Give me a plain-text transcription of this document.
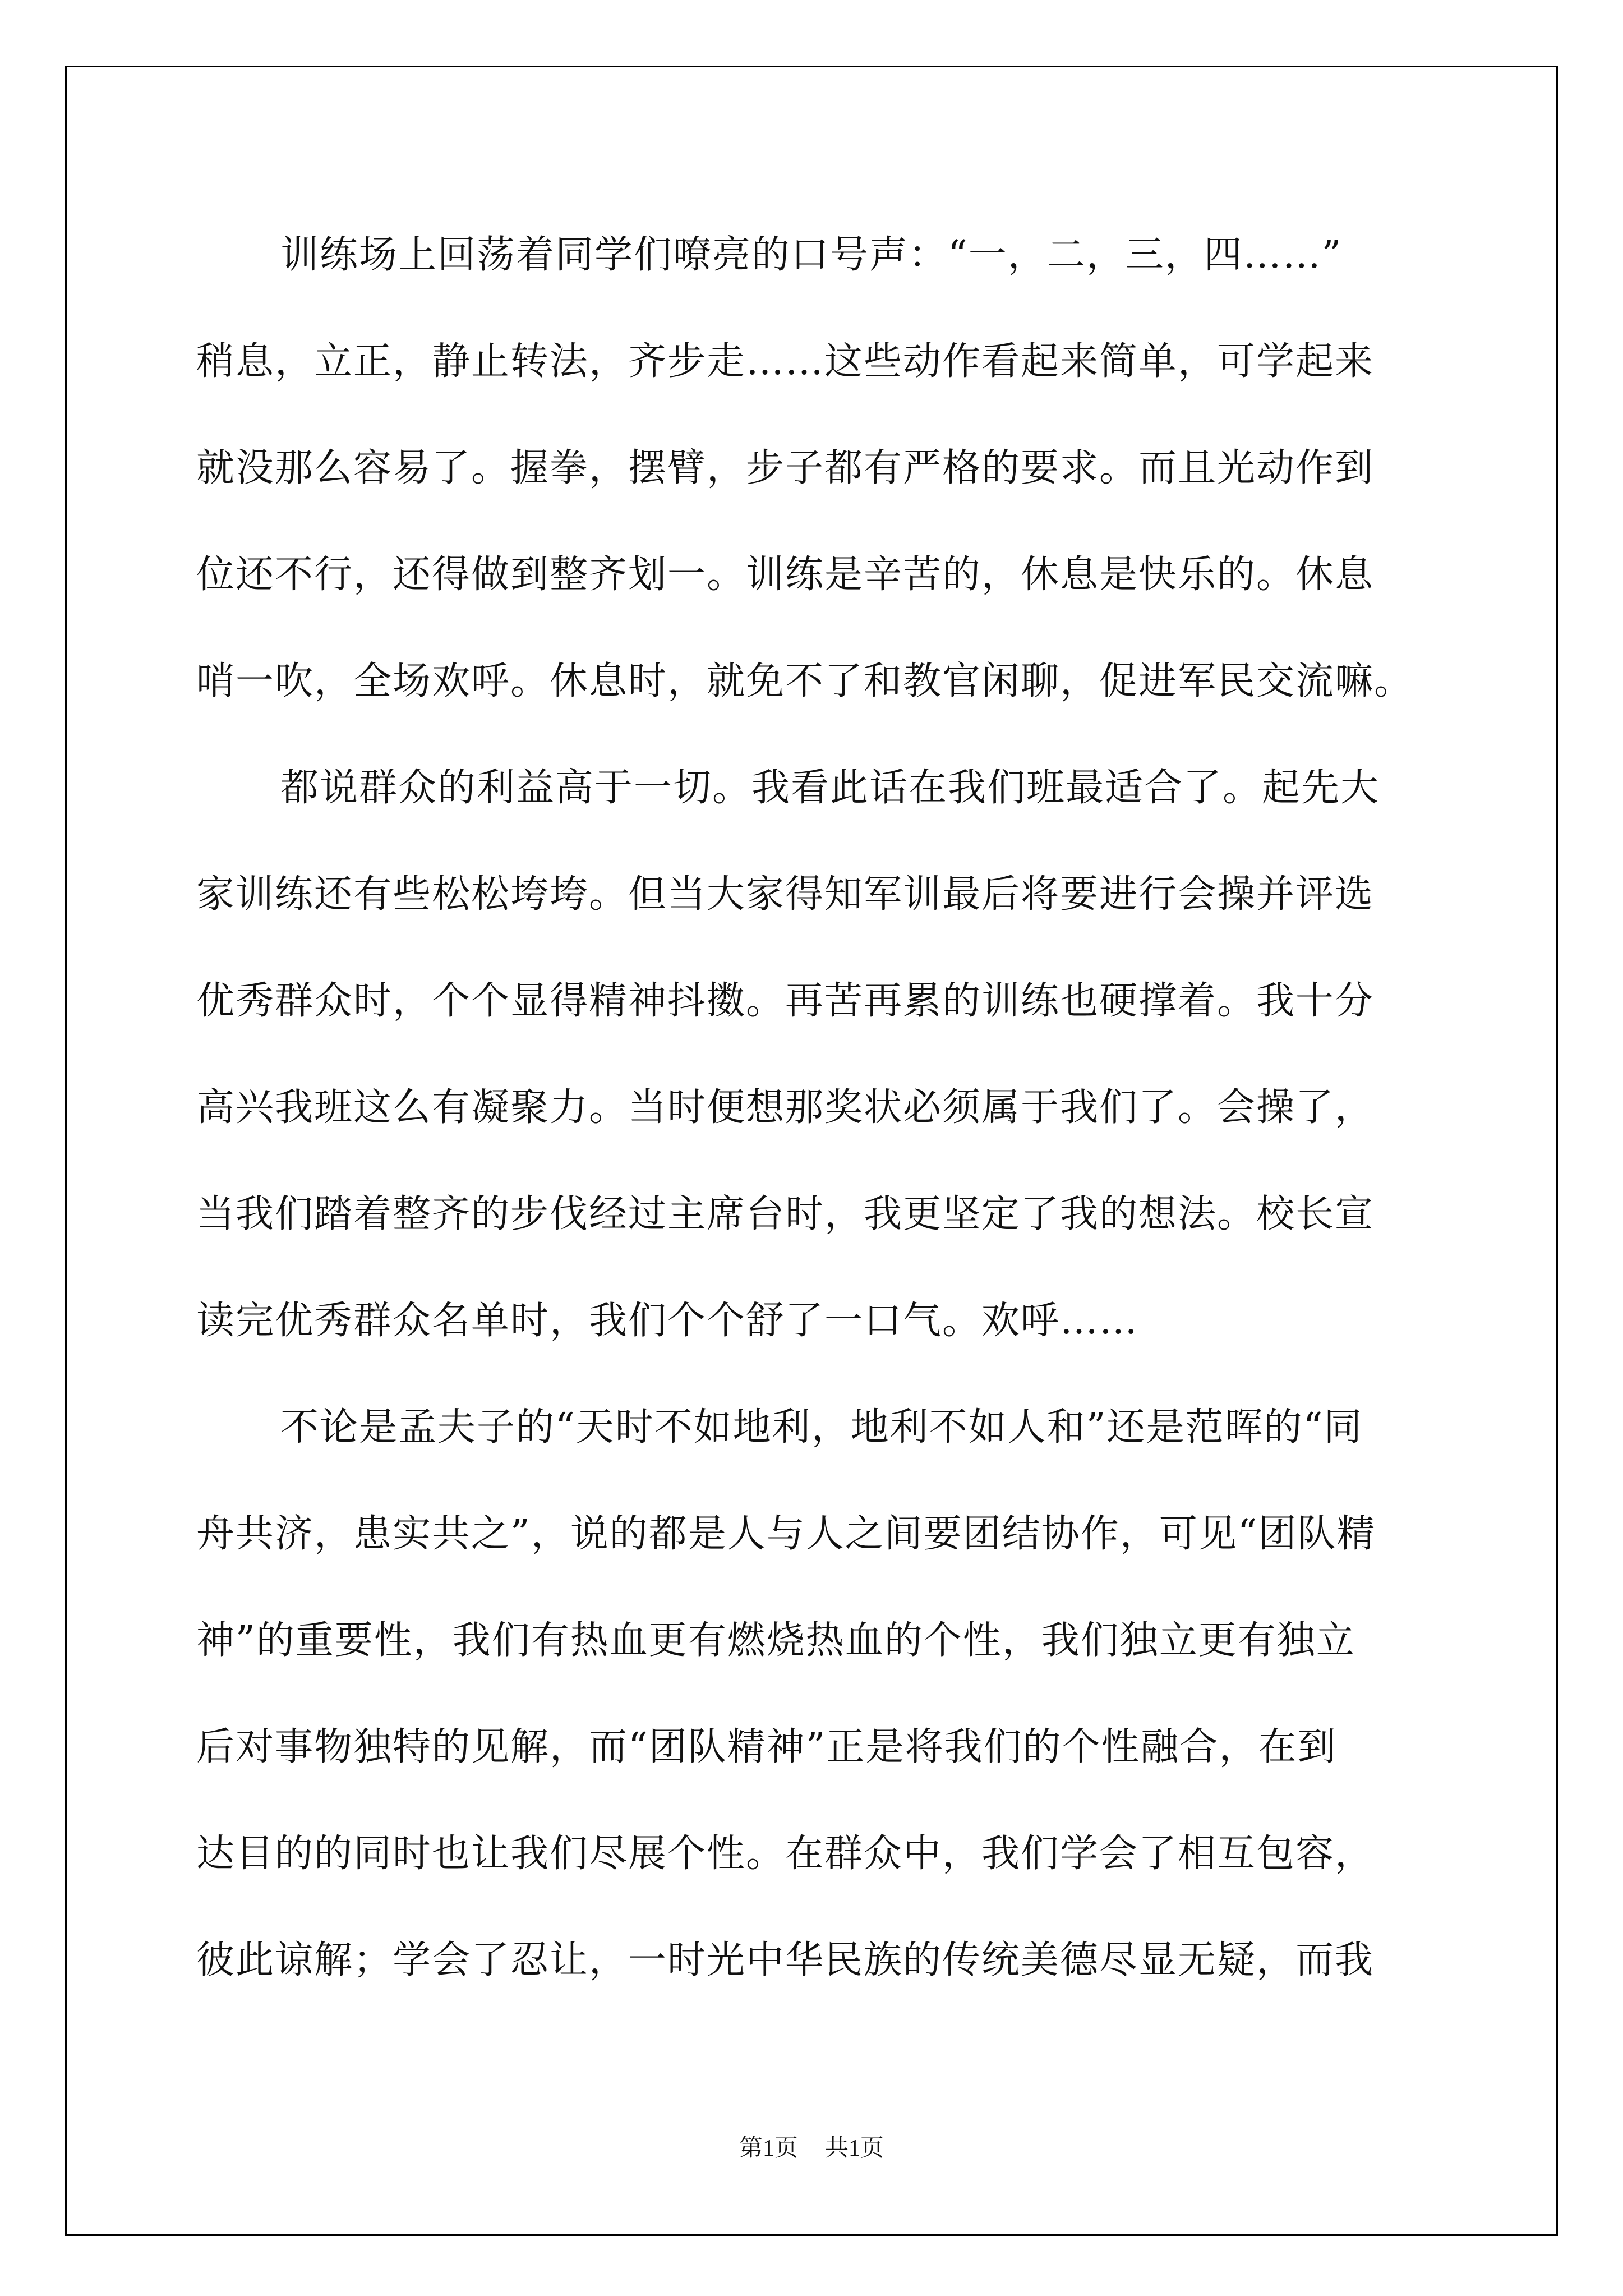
训练场上回荡着同学们嘹亮的口号声：“一，二，三，四……”
稍息，立正，静止转法，齐步走……这些动作看起来简单，可学起来
就没那么容易了。握拳，摆臂，步子都有严格的要求。而且光动作到
位还不行，还得做到整齐划一。训练是辛苦的，休息是快乐的。休息
哨一吹，全场欢呼。休息时，就免不了和教官闲聊，促进军民交流嘛。
都说群众的利益高于一切。我看此话在我们班最适合了。起先大
家训练还有些松松垮垮。但当大家得知军训最后将要进行会操并评选
优秀群众时，个个显得精神抖擞。再苦再累的训练也硬撑着。我十分
高兴我班这么有凝聚力。当时便想那奖状必须属于我们了。会操了，
当我们踏着整齐的步伐经过主席台时，我更坚定了我的想法。校长宣
读完优秀群众名单时，我们个个舒了一口气。欢呼……
不论是孟夫子的“天时不如地利，地利不如人和”还是范晖的“同
舟共济，患实共之”，说的都是人与人之间要团结协作，可见“团队精
神”的重要性，我们有热血更有燃烧热血的个性，我们独立更有独立
后对事物独特的见解，而“团队精神”正是将我们的个性融合，在到
达目的的同时也让我们尽展个性。在群众中，我们学会了相互包容，
彼此谅解；学会了忍让，一时光中华民族的传统美德尽显无疑，而我
第1页 共1页
